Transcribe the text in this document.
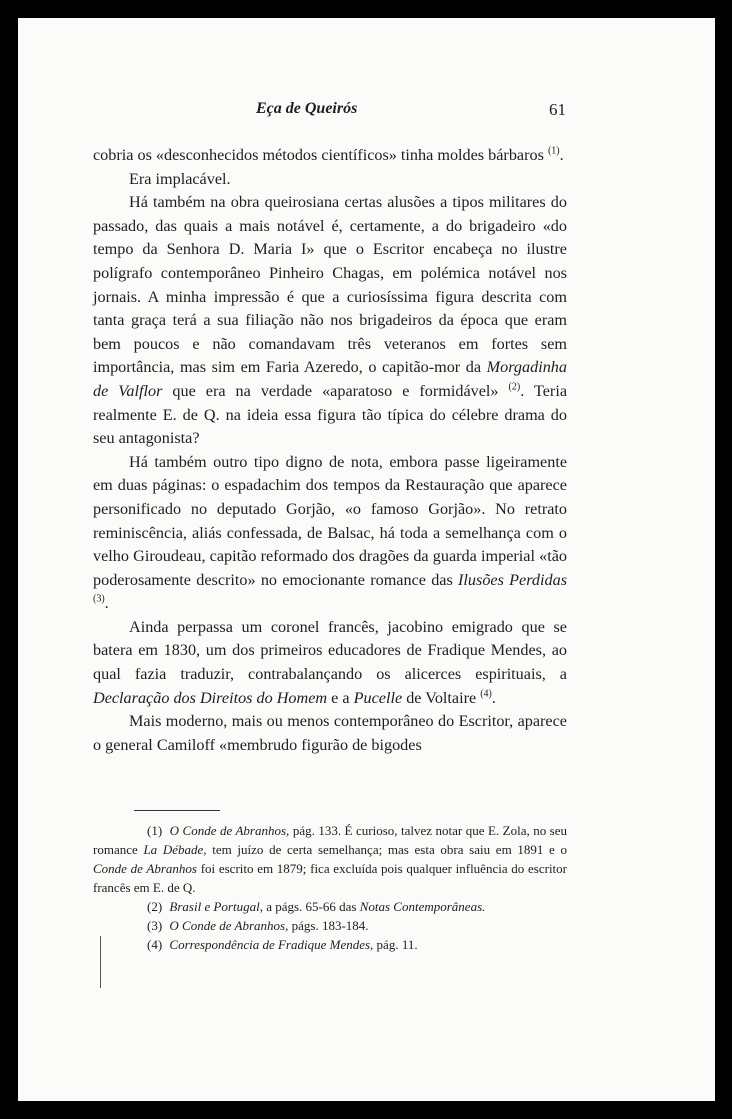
Eça de Queirós	61

cobria os «desconhecidos métodos científicos» tinha moldes bárbaros $^{(1)}$.

Era implacável.

Há também na obra queirosiana certas alusões a tipos militares do passado, das quais a mais notável é, certamente, a do brigadeiro «do tempo da Senhora D. Maria I» que o Escritor encabeça no ilustre polígrafo contemporâneo Pinheiro Chagas, em polémica notável nos jornais. A minha impressão é que a curiosíssima figura descrita com tanta graça terá a sua filiação não nos brigadeiros da época que eram bem poucos e não comandavam três veteranos em fortes sem importância, mas sim em Faria Azeredo, o capitão-mor da Morgadinha de Valflor que era na verdade «aparatoso e formidável» $^{(2)}$. Teria realmente E. de Q. na ideia essa figura tão típica do célebre drama do seu antagonista?

Há também outro tipo digno de nota, embora passe ligeiramente em duas páginas: o espadachim dos tempos da Restauração que aparece personificado no deputado Gorjão, «o famoso Gorjão». No retrato reminiscência, aliás confessada, de Balsac, há toda a semelhança com o velho Giroudeau, capitão reformado dos dragões da guarda imperial «tão poderosamente descrito» no emocionante romance das Ilusões Perdidas $^{(3)}$.

Ainda perpassa um coronel francês, jacobino emigrado que se batera em 1830, um dos primeiros educadores de Fradique Mendes, ao qual fazia traduzir, contrabalançando os alicerces espirituais, a Declaração dos Direitos do Homem e a Pucelle de Voltaire $^{(4)}$.

Mais moderno, mais ou menos contemporâneo do Escritor, aparece o general Camiloff «membrudo figurão de bigodes

(1) O Conde de Abranhos, pág. 133. É curioso, talvez notar que E. Zola, no seu romance La Débade, tem juízo de certa semelhança; mas esta obra saiu em 1891 e o Conde de Abranhos foi escrito em 1879; fica excluída pois qualquer influência do escritor francês em E. de Q.

(2) Brasil e Portugal, a págs. 65-66 das Notas Contemporâneas.

(3) O Conde de Abranhos, págs. 183-184.

(4) Correspondência de Fradique Mendes, pág. 11.
